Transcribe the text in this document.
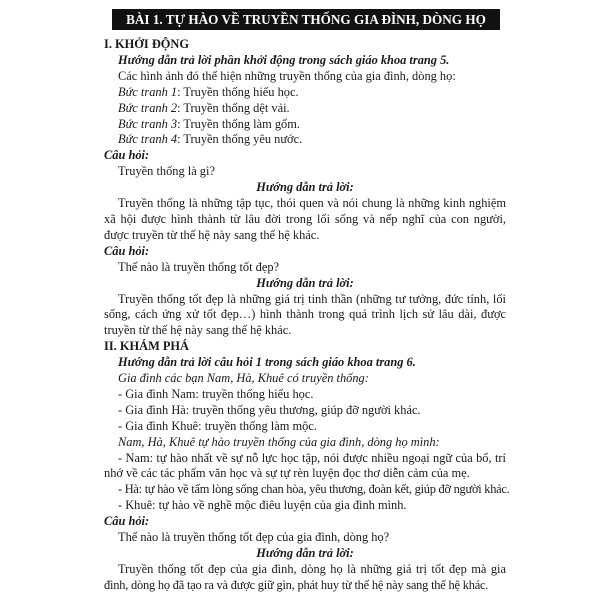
BÀI 1. TỰ HÀO VỀ TRUYỀN THỐNG GIA ĐÌNH, DÒNG HỌ
I. KHỞI ĐỘNG
Hướng dẫn trả lời phần khởi động trong sách giáo khoa trang 5.
Các hình ảnh đó thể hiện những truyền thống của gia đình, dòng họ:
Bức tranh 1: Truyền thống hiếu học.
Bức tranh 2: Truyền thống dệt vải.
Bức tranh 3: Truyền thống làm gốm.
Bức tranh 4: Truyền thống yêu nước.
Câu hỏi:
Truyền thống là gì?
Hướng dẫn trả lời:
Truyền thống là những tập tục, thói quen và nói chung là những kinh nghiệm
xã hội được hình thành từ lâu đời trong lối sống và nếp nghĩ của con người,
được truyền từ thế hệ này sang thế hệ khác.
Câu hỏi:
Thế nào là truyền thống tốt đẹp?
Hướng dẫn trả lời:
Truyền thống tốt đẹp là những giá trị tinh thần (những tư tưởng, đức tính, lối
sống, cách ứng xử tốt đẹp…) hình thành trong quá trình lịch sử lâu dài, được
truyền từ thế hệ này sang thế hệ khác.
II. KHÁM PHÁ
Hướng dẫn trả lời câu hỏi 1 trong sách giáo khoa trang 6.
Gia đình các bạn Nam, Hà, Khuê có truyền thống:
- Gia đình Nam: truyền thống hiếu học.
- Gia đình Hà: truyền thống yêu thương, giúp đỡ người khác.
- Gia đình Khuê: truyền thống làm mộc.
Nam, Hà, Khuê tự hào truyền thống của gia đình, dòng họ mình:
- Nam: tự hào nhất về sự nỗ lực học tập, nói được nhiều ngoại ngữ của bố, trí
nhớ về các tác phẩm văn học và sự tự rèn luyện đọc thơ diễn cảm của mẹ.
- Hà: tự hào về tấm lòng sống chan hòa, yêu thương, đoàn kết, giúp đỡ người khác.
- Khuê: tự hào về nghề mộc điêu luyện của gia đình mình.
Câu hỏi:
Thế nào là truyền thống tốt đẹp của gia đình, dòng họ?
Hướng dẫn trả lời:
Truyền thống tốt đẹp của gia đình, dòng họ là những giá trị tốt đẹp mà gia
đình, dòng họ đã tạo ra và được giữ gìn, phát huy từ thế hệ này sang thế hệ khác.
